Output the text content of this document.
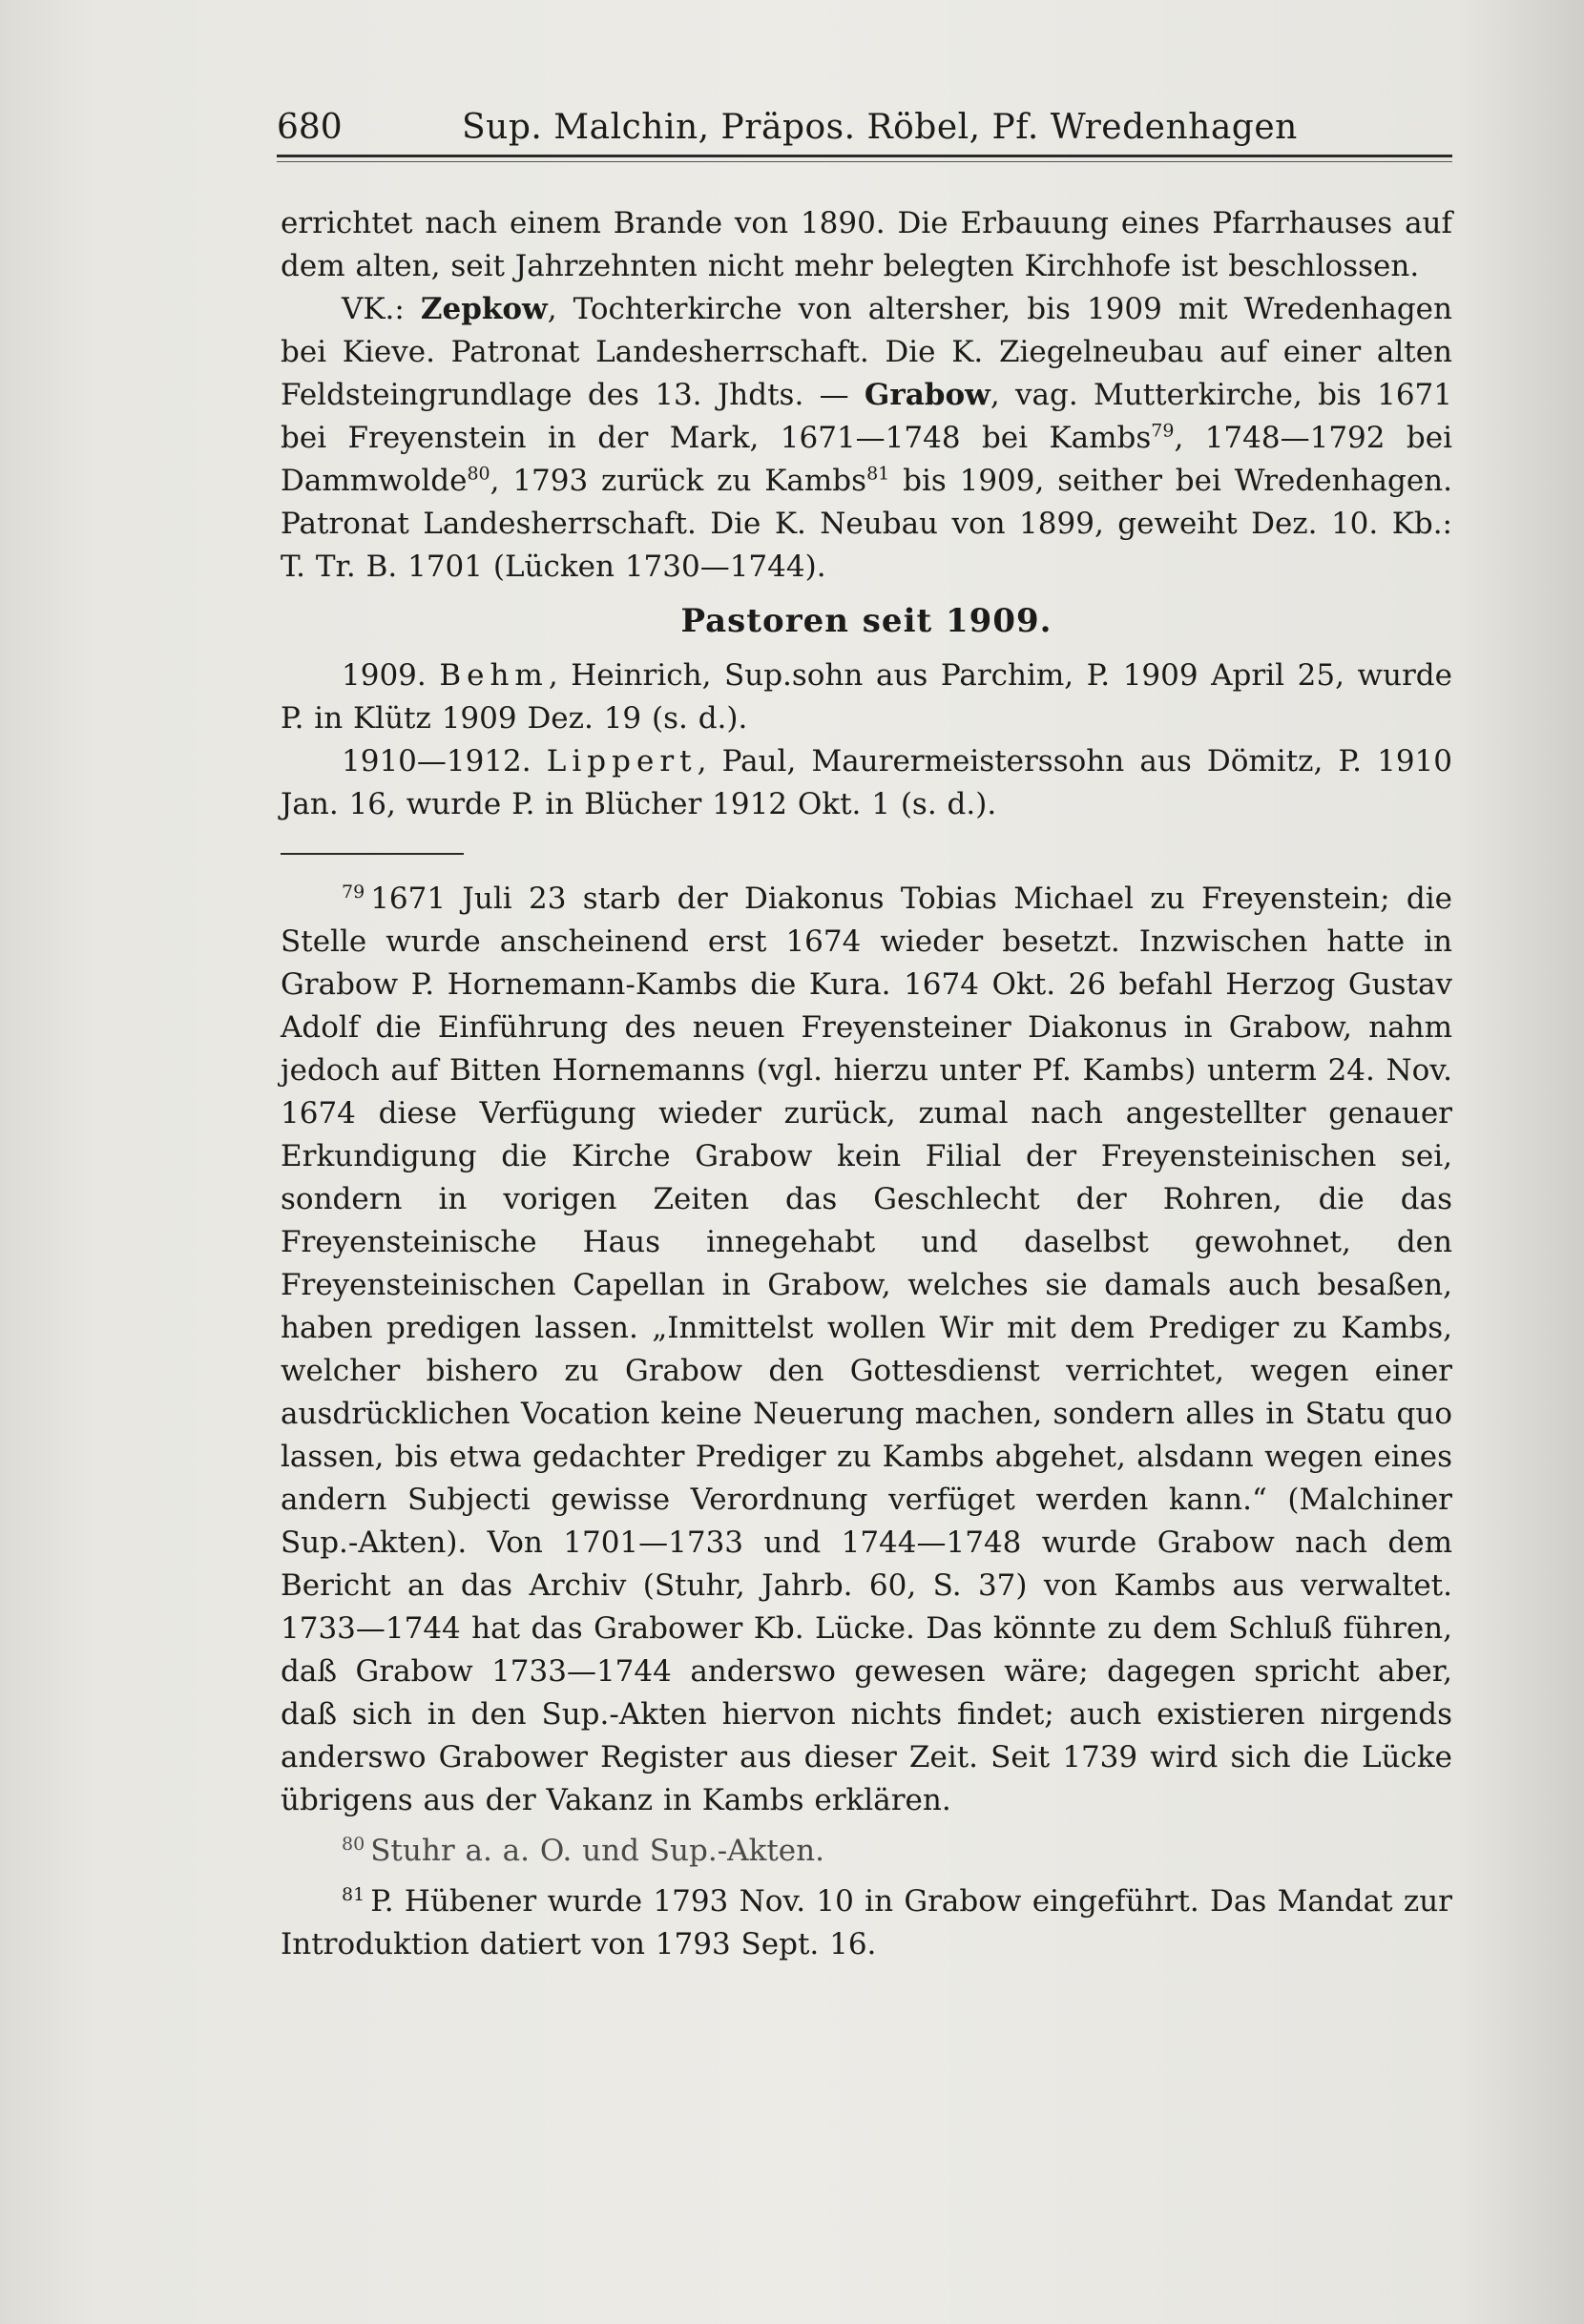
680	Sup. Malchin, Präpos. Röbel, Pf. Wredenhagen

errichtet nach einem Brande von 1890. Die Erbauung eines Pfarrhauses auf dem alten, seit Jahrzehnten nicht mehr belegten Kirchhofe ist beschlossen.

VK.: Zepkow, Tochterkirche von altersher, bis 1909 mit Wredenhagen bei Kieve. Patronat Landesherrschaft. Die K. Ziegelneubau auf einer alten Feldsteingrundlage des 13. Jhdts. — Grabow, vag. Mutterkirche, bis 1671 bei Freyenstein in der Mark, 1671—1748 bei Kambs$^{79}$, 1748—1792 bei Dammwolde$^{80}$, 1793 zurück zu Kambs$^{81}$ bis 1909, seither bei Wredenhagen. Patronat Landesherrschaft. Die K. Neubau von 1899, geweiht Dez. 10. Kb.: T. Tr. B. 1701 (Lücken 1730—1744).

Pastoren seit 1909.

1909. Behm, Heinrich, Sup.sohn aus Parchim, P. 1909 April 25, wurde P. in Klütz 1909 Dez. 19 (s. d.).

1910—1912. Lippert, Paul, Maurermeisterssohn aus Dömitz, P. 1910 Jan. 16, wurde P. in Blücher 1912 Okt. 1 (s. d.).

$^{79}$ 1671 Juli 23 starb der Diakonus Tobias Michael zu Freyenstein; die Stelle wurde anscheinend erst 1674 wieder besetzt. Inzwischen hatte in Grabow P. Hornemann-Kambs die Kura. 1674 Okt. 26 befahl Herzog Gustav Adolf die Einführung des neuen Freyensteiner Diakonus in Grabow, nahm jedoch auf Bitten Hornemanns (vgl. hierzu unter Pf. Kambs) unterm 24. Nov. 1674 diese Verfügung wieder zurück, zumal nach angestellter genauer Erkundigung die Kirche Grabow kein Filial der Freyensteinischen sei, sondern in vorigen Zeiten das Geschlecht der Rohren, die das Freyensteinische Haus innegehabt und daselbst gewohnet, den Freyensteinischen Capellan in Grabow, welches sie damals auch besaßen, haben predigen lassen. „Inmittelst wollen Wir mit dem Prediger zu Kambs, welcher bishero zu Grabow den Gottesdienst verrichtet, wegen einer ausdrücklichen Vocation keine Neuerung machen, sondern alles in Statu quo lassen, bis etwa gedachter Prediger zu Kambs abgehet, alsdann wegen eines andern Subjecti gewisse Verordnung verfüget werden kann.“ (Malchiner Sup.-Akten). Von 1701—1733 und 1744—1748 wurde Grabow nach dem Bericht an das Archiv (Stuhr, Jahrb. 60, S. 37) von Kambs aus verwaltet. 1733—1744 hat das Grabower Kb. Lücke. Das könnte zu dem Schluß führen, daß Grabow 1733—1744 anderswo gewesen wäre; dagegen spricht aber, daß sich in den Sup.-Akten hiervon nichts findet; auch existieren nirgends anderswo Grabower Register aus dieser Zeit. Seit 1739 wird sich die Lücke übrigens aus der Vakanz in Kambs erklären.

$^{80}$ Stuhr a. a. O. und Sup.-Akten.

$^{81}$ P. Hübener wurde 1793 Nov. 10 in Grabow eingeführt. Das Mandat zur Introduktion datiert von 1793 Sept. 16.
